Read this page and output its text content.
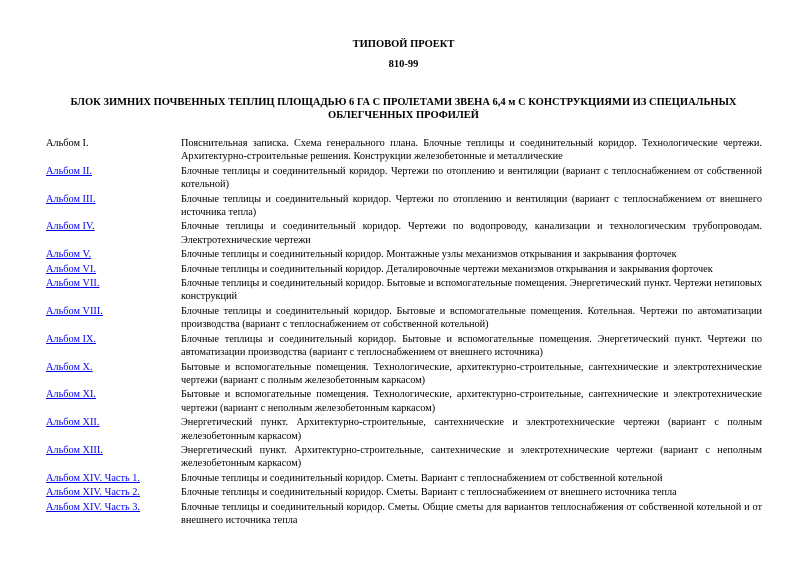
ТИПОВОЙ ПРОЕКТ
810-99
БЛОК ЗИМНИХ ПОЧВЕННЫХ ТЕПЛИЦ ПЛОЩАДЬЮ 6 ГА С ПРОЛЕТАМИ ЗВЕНА 6,4 м С КОНСТРУКЦИЯМИ ИЗ СПЕЦИАЛЬНЫХ ОБЛЕГЧЕННЫХ ПРОФИЛЕЙ
Альбом I.	Пояснительная записка. Схема генерального плана. Блочные теплицы и соединительный коридор. Технологические чертежи. Архитектурно-строительные решения. Конструкции железобетонные и металлические
Альбом II.	Блочные теплицы и соединительный коридор. Чертежи по отоплению и вентиляции (вариант с теплоснабжением от собственной котельной)
Альбом III.	Блочные теплицы и соединительный коридор. Чертежи по отоплению и вентиляции (вариант с теплоснабжением от внешнего источника тепла)
Альбом IV.	Блочные теплицы и соединительный коридор. Чертежи по водопроводу, канализации и технологическим трубопроводам. Электротехнические чертежи
Альбом V.	Блочные теплицы и соединительный коридор. Монтажные узлы механизмов открывания и закрывания форточек
Альбом VI.	Блочные теплицы и соединительный коридор. Деталировочные чертежи механизмов открывания и закрывания форточек
Альбом VII.	Блочные теплицы и соединительный коридор. Бытовые и вспомогательные помещения. Энергетический пункт. Чертежи нетиповых конструкций
Альбом VIII.	Блочные теплицы и соединительный коридор. Бытовые и вспомогательные помещения. Котельная. Чертежи по автоматизации производства (вариант с теплоснабжением от собственной котельной)
Альбом IX.	Блочные теплицы и соединительный коридор. Бытовые и вспомогательные помещения. Энергетический пункт. Чертежи по автоматизации производства (вариант с теплоснабжением от внешнего источника)
Альбом X.	Бытовые и вспомогательные помещения. Технологические, архитектурно-строительные, сантехнические и электротехнические чертежи (вариант с полным железобетонным каркасом)
Альбом XI.	Бытовые и вспомогательные помещения. Технологические, архитектурно-строительные, сантехнические и электротехнические чертежи (вариант с неполным железобетонным каркасом)
Альбом XII.	Энергетический пункт. Архитектурно-строительные, сантехнические и электротехнические чертежи (вариант с полным железобетонным каркасом)
Альбом XIII.	Энергетический пункт. Архитектурно-строительные, сантехнические и электротехнические чертежи (вариант с неполным железобетонным каркасом)
Альбом XIV. Часть 1.	Блочные теплицы и соединительный коридор. Сметы. Вариант с теплоснабжением от собственной котельной
Альбом XIV. Часть 2.	Блочные теплицы и соединительный коридор. Сметы. Вариант с теплоснабжением от внешнего источника тепла
Альбом XIV. Часть 3.	Блочные теплицы и соединительный коридор. Сметы. Общие сметы для вариантов теплоснабжения от собственной котельной и от внешнего источника тепла
